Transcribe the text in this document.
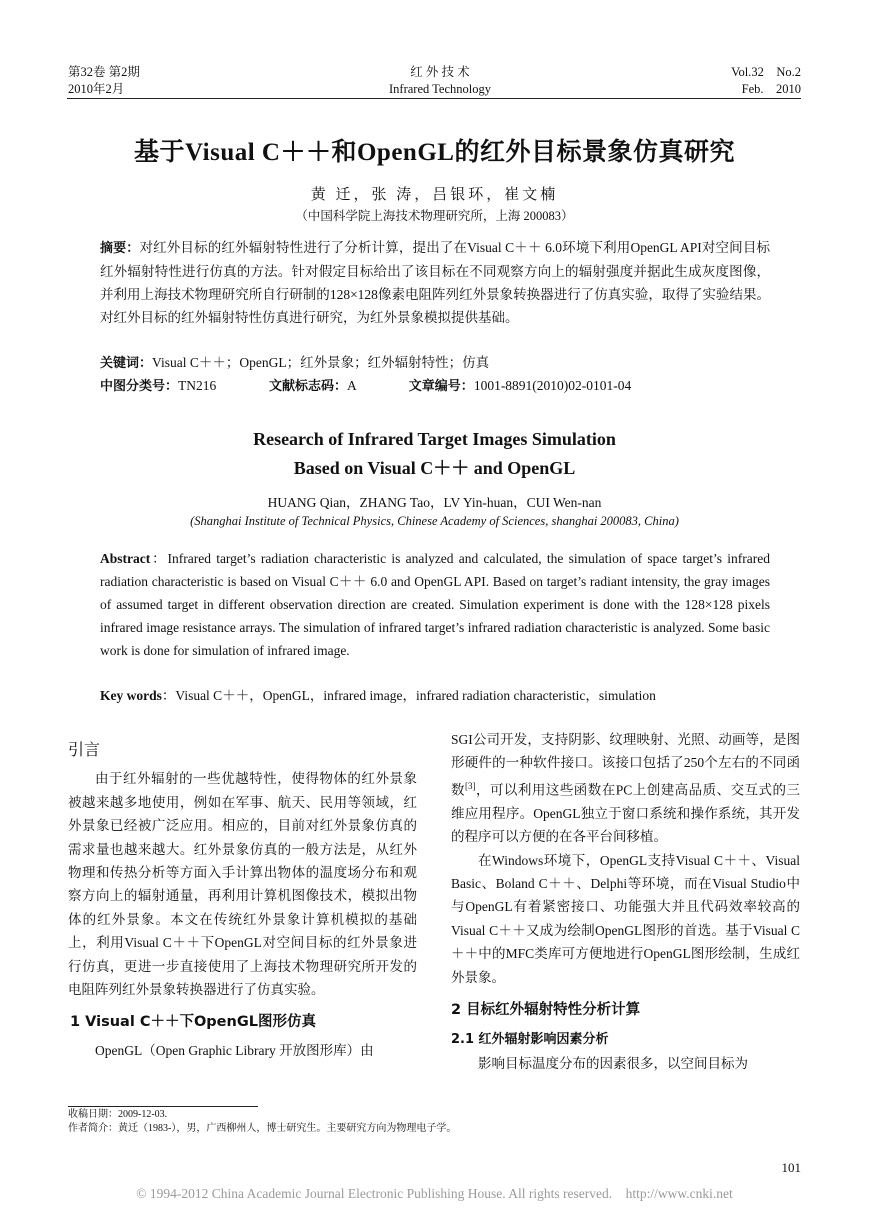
第32卷 第2期
2010年2月
红 外 技 术
Infrared Technology
Vol.32    No.2
Feb.    2010
基于Visual C＋＋和OpenGL的红外目标景象仿真研究
黄 迁，张 涛，吕银环，崔文楠
（中国科学院上海技术物理研究所，上海 200083）
摘要：对红外目标的红外辐射特性进行了分析计算，提出了在Visual C＋＋ 6.0环境下利用OpenGL API对空间目标红外辐射特性进行仿真的方法。针对假定目标给出了该目标在不同观察方向上的辐射强度并据此生成灰度图像，并利用上海技术物理研究所自行研制的128×128像素电阻阵列红外景象转换器进行了仿真实验，取得了实验结果。对红外目标的红外辐射特性仿真进行研究，为红外景象模拟提供基础。
关键词：Visual C＋＋；OpenGL；红外景象；红外辐射特性；仿真
中图分类号：TN216	文献标志码：A	文章编号：1001-8891(2010)02-0101-04
Research of Infrared Target Images Simulation
Based on Visual C＋＋ and OpenGL
HUANG Qian，ZHANG Tao，LV Yin-huan，CUI Wen-nan
(Shanghai Institute of Technical Physics, Chinese Academy of Sciences, shanghai 200083, China)
Abstract：Infrared target’s radiation characteristic is analyzed and calculated, the simulation of space target’s infrared radiation characteristic is based on Visual C＋＋ 6.0 and OpenGL API. Based on target’s radiant intensity, the gray images of assumed target in different observation direction are created. Simulation experiment is done with the 128×128 pixels infrared image resistance arrays. The simulation of infrared target’s infrared radiation characteristic is analyzed. Some basic work is done for simulation of infrared image.
Key words：Visual C＋＋，OpenGL，infrared image，infrared radiation characteristic，simulation
引言
由于红外辐射的一些优越特性，使得物体的红外景象被越来越多地使用，例如在军事、航天、民用等领域，红外景象已经被广泛应用。相应的，目前对红外景象仿真的需求量也越来越大。红外景象仿真的一般方法是，从红外物理和传热分析等方面入手计算出物体的温度场分布和观察方向上的辐射通量，再利用计算机图像技术，模拟出物体的红外景象。本文在传统红外景象计算机模拟的基础上，利用Visual C＋＋下OpenGL对空间目标的红外景象进行仿真，更进一步直接使用了上海技术物理研究所开发的电阻阵列红外景象转换器进行了仿真实验。
1 Visual C＋＋下OpenGL图形仿真
OpenGL（Open Graphic Library 开放图形库）由
SGI公司开发，支持阴影、纹理映射、光照、动画等，是图形硬件的一种软件接口。该接口包括了250个左右的不同函数[3]，可以利用这些函数在PC上创建高品质、交互式的三维应用程序。OpenGL独立于窗口系统和操作系统，其开发的程序可以方便的在各平台间移植。
在Windows环境下，OpenGL支持Visual C＋＋、Visual Basic、Boland C＋＋、Delphi等环境，而在Visual Studio中与OpenGL有着紧密接口、功能强大并且代码效率较高的Visual C＋＋又成为绘制OpenGL图形的首选。基于Visual C＋＋中的MFC类库可方便地进行OpenGL图形绘制，生成红外景象。
2 目标红外辐射特性分析计算
2.1 红外辐射影响因素分析
影响目标温度分布的因素很多，以空间目标为
收稿日期：2009-12-03.
作者简介：黄迁（1983-），男，广西柳州人，博士研究生。主要研究方向为物理电子学。
101
© 1994-2012 China Academic Journal Electronic Publishing House. All rights reserved.    http://www.cnki.net
